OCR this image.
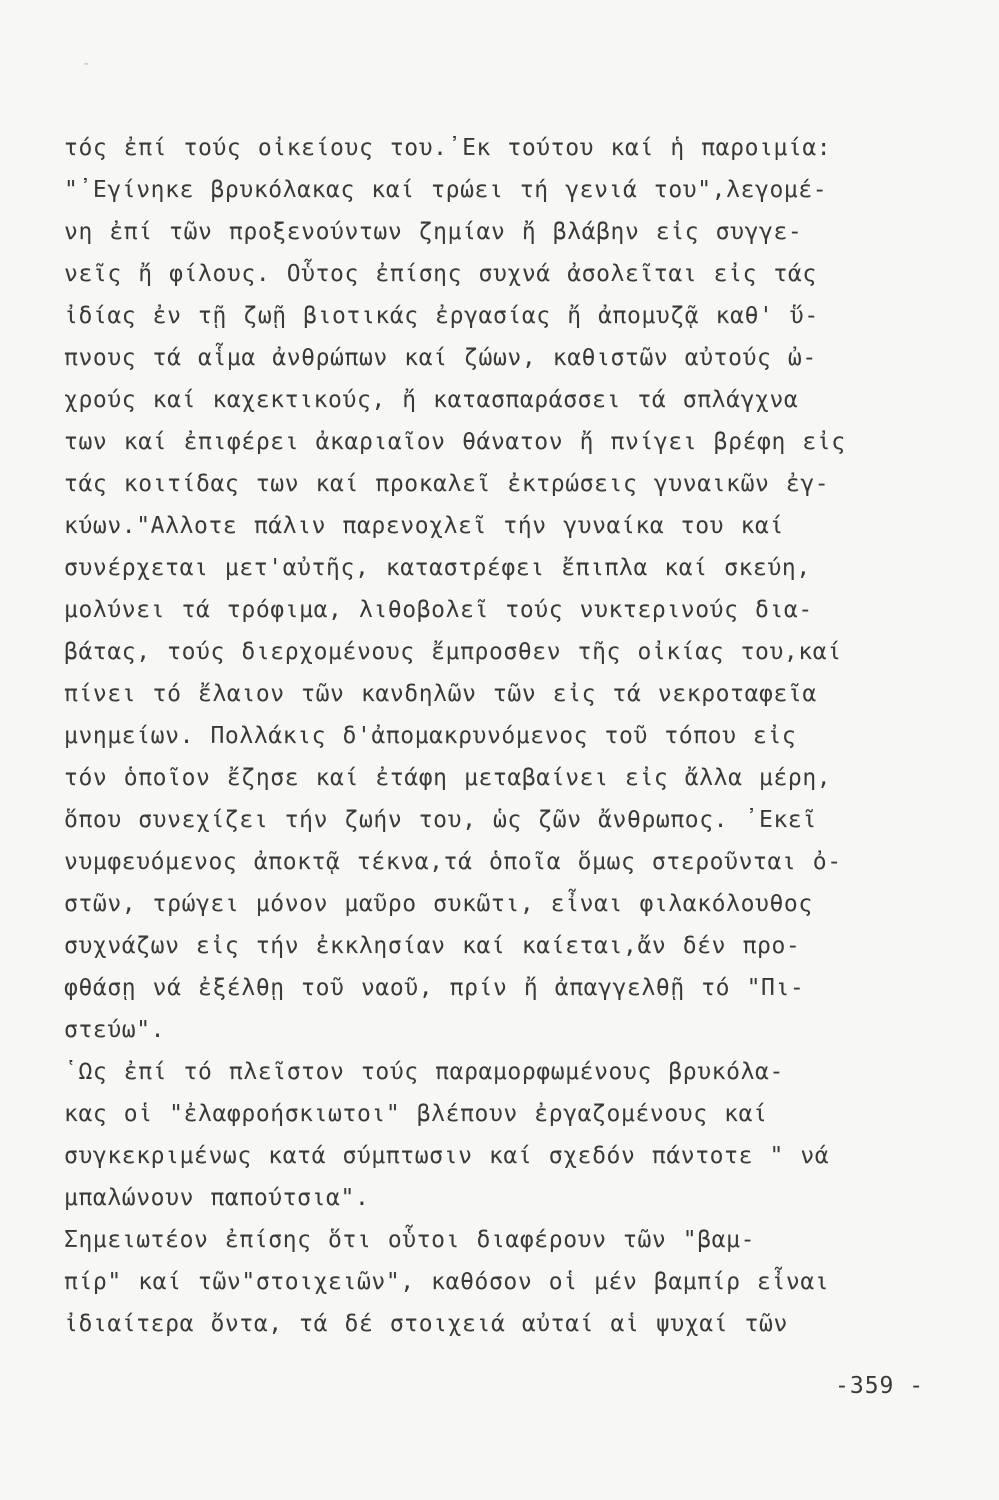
-
τός ἐπί τούς οἰκείους του.᾿Εκ τούτου καί ἡ παροιμία:
"᾿Εγίνηκε βρυκόλακας καί τρώει τή γενιά του",λεγομέ-
νη ἐπί τῶν προξενούντων ζημίαν ἤ βλάβην εἰς συγγε-
νεῖς ἤ φίλους. Οὗτος ἐπίσης συχνά ἀσολεῖται εἰς τάς
ἰδίας ἐν τῇ ζωῇ βιοτικάς ἐργασίας ἤ ἀπομυζᾷ καθ' ὕ-
πνους τά αἷμα ἀνθρώπων καί ζώων, καθιστῶν αὐτούς ὠ-
χρούς καί καχεκτικούς, ἤ κατασπαράσσει τά σπλάγχνα
των καί ἐπιφέρει ἀκαριαῖον θάνατον ἤ πνίγει βρέφη εἰς
τάς κοιτίδας των καί προκαλεῖ ἐκτρώσεις γυναικῶν ἐγ-
κύων."Αλλοτε πάλιν παρενοχλεῖ τήν γυναίκα του καί
συνέρχεται μετ'αὐτῆς, καταστρέφει ἔπιπλα καί σκεύη,
μολύνει τά τρόφιμα, λιθοβολεῖ τούς νυκτερινούς δια-
βάτας, τούς διερχομένους ἔμπροσθεν τῆς οἰκίας του,καί
πίνει τό ἔλαιον τῶν κανδηλῶν τῶν εἰς τά νεκροταφεῖα
μνημείων. Πολλάκις δ'ἀπομακρυνόμενος τοῦ τόπου εἰς
τόν ὁποῖον ἔζησε καί ἐτάφη μεταβαίνει εἰς ἄλλα μέρη,
ὅπου συνεχίζει τήν ζωήν του, ὡς ζῶν ἄνθρωπος. ᾿Εκεῖ
νυμφευόμενος ἀποκτᾷ τέκνα,τά ὁποῖα ὅμως στεροῦνται ὀ-
στῶν, τρώγει μόνον μαῦρο συκῶτι, εἶναι φιλακόλουθος
συχνάζων εἰς τήν ἐκκλησίαν καί καίεται,ἄν δέν προ-
φθάσῃ νά ἐξέλθῃ τοῦ ναοῦ, πρίν ἤ ἀπαγγελθῇ τό "Πι-
στεύω".
῾Ως ἐπί τό πλεῖστον τούς παραμορφωμένους βρυκόλα-
κας οἱ "ἐλαφροήσκιωτοι" βλέπουν ἐργαζομένους καί
συγκεκριμένως κατά σύμπτωσιν καί σχεδόν πάντοτε " νά
μπαλώνουν παπούτσια".
Σημειωτέον ἐπίσης ὅτι οὗτοι διαφέρουν τῶν "βαμ-
πίρ" καί τῶν"στοιχειῶν", καθόσον οἱ μέν βαμπίρ εἶναι
ἰδιαίτερα ὄντα, τά δέ στοιχειά αὐταί αἱ ψυχαί τῶν
-359 -
